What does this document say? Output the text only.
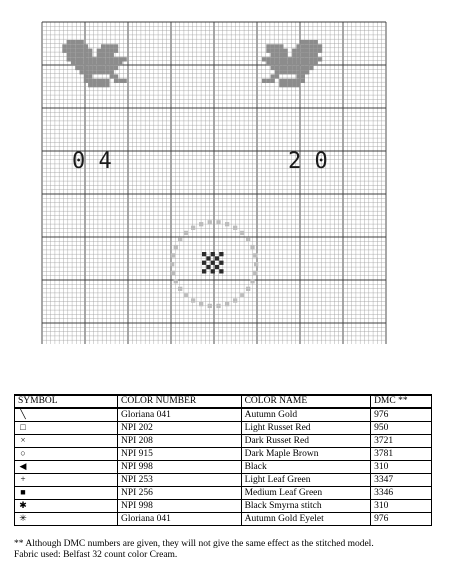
0 4	2 0
SYMBOL	COLOR NUMBER	COLOR NAME	DMC **
╲	Gloriana 041	Autumn Gold	976
□	NPI 202	Light Russet Red	950
×	NPI 208	Dark Russet Red	3721
○	NPI 915	Dark Maple Brown	3781
◀	NPI 998	Black	310
+	NPI 253	Light Leaf Green	3347
■	NPI 256	Medium Leaf Green	3346
✱	NPI 998	Black Smyrna stitch	310
✳	Gloriana 041	Autumn Gold Eyelet	976
** Although DMC numbers are given, they will not give the same effect as the stitched model.
Fabric used: Belfast 32 count color Cream.
